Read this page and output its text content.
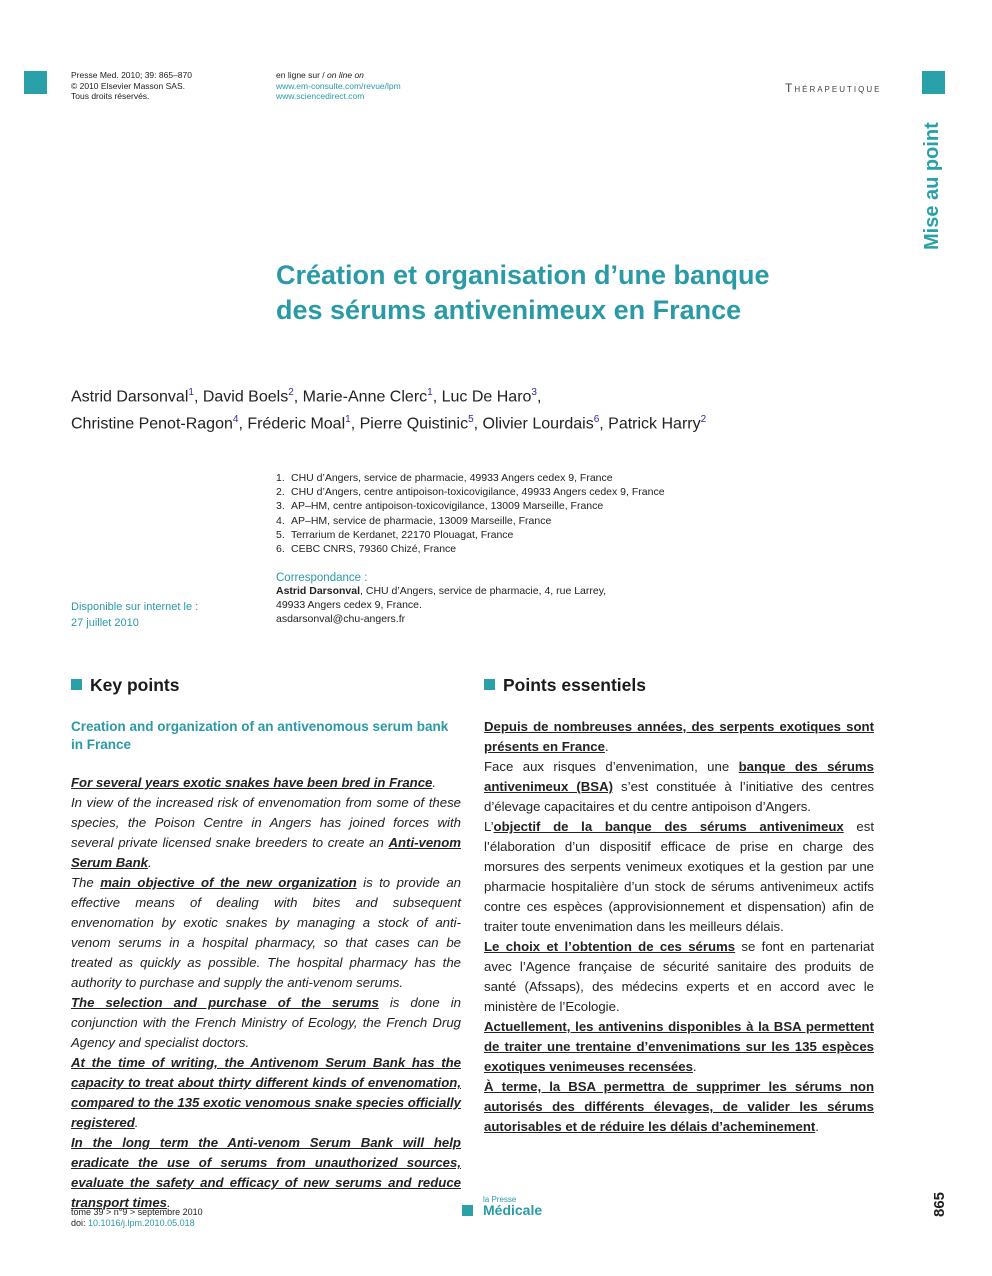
Presse Med. 2010; 39: 865–870
© 2010 Elsevier Masson SAS.
Tous droits réservés.
en ligne sur / on line on
www.em-consulte.com/revue/lpm
www.sciencedirect.com
Thérapeutique
Mise au point
Création et organisation d’une banque
des sérums antivenimeux en France
Astrid Darsonval$^1$, David Boels$^2$, Marie-Anne Clerc$^1$, Luc De Haro$^3$,
Christine Penot-Ragon$^4$, Fréderic Moal$^1$, Pierre Quistinic$^5$, Olivier Lourdais$^6$, Patrick Harry$^2$
1. CHU d’Angers, service de pharmacie, 49933 Angers cedex 9, France
2. CHU d’Angers, centre antipoison-toxicovigilance, 49933 Angers cedex 9, France
3. AP–HM, centre antipoison-toxicovigilance, 13009 Marseille, France
4. AP–HM, service de pharmacie, 13009 Marseille, France
5. Terrarium de Kerdanet, 22170 Plouagat, France
6. CEBC CNRS, 79360 Chizé, France
Correspondance :
Astrid Darsonval, CHU d’Angers, service de pharmacie, 4, rue Larrey,
49933 Angers cedex 9, France.
asdarsonval@chu-angers.fr
Disponible sur internet le :
27 juillet 2010
Key points
Creation and organization of an antivenomous serum bank in France
For several years exotic snakes have been bred in France.
In view of the increased risk of envenomation from some of these species, the Poison Centre in Angers has joined forces with several private licensed snake breeders to create an Anti-venom Serum Bank.
The main objective of the new organization is to provide an effective means of dealing with bites and subsequent envenomation by exotic snakes by managing a stock of anti-venom serums in a hospital pharmacy, so that cases can be treated as quickly as possible. The hospital pharmacy has the authority to purchase and supply the anti-venom serums.
The selection and purchase of the serums is done in conjunction with the French Ministry of Ecology, the French Drug Agency and specialist doctors.
At the time of writing, the Antivenom Serum Bank has the capacity to treat about thirty different kinds of envenomation, compared to the 135 exotic venomous snake species officially registered.
In the long term the Anti-venom Serum Bank will help eradicate the use of serums from unauthorized sources, evaluate the safety and efficacy of new serums and reduce transport times.
Points essentiels
Depuis de nombreuses années, des serpents exotiques sont présents en France.
Face aux risques d’envenimation, une banque des sérums antivenimeux (BSA) s’est constituée à l’initiative des centres d’élevage capacitaires et du centre antipoison d’Angers.
L’objectif de la banque des sérums antivenimeux est l’élaboration d’un dispositif efficace de prise en charge des morsures des serpents venimeux exotiques et la gestion par une pharmacie hospitalière d’un stock de sérums antivenimeux actifs contre ces espèces (approvisionnement et dispensation) afin de traiter toute envenimation dans les meilleurs délais.
Le choix et l’obtention de ces sérums se font en partenariat avec l’Agence française de sécurité sanitaire des produits de santé (Afssaps), des médecins experts et en accord avec le ministère de l’Ecologie.
Actuellement, les antivenins disponibles à la BSA permettent de traiter une trentaine d’envenimations sur les 135 espèces exotiques venimeuses recensées.
À terme, la BSA permettra de supprimer les sérums non autorisés des différents élevages, de valider les sérums autorisables et de réduire les délais d’acheminement.
tome 39 > n°9 > septembre 2010
doi: 10.1016/j.lpm.2010.05.018
la Presse
Médicale	865
